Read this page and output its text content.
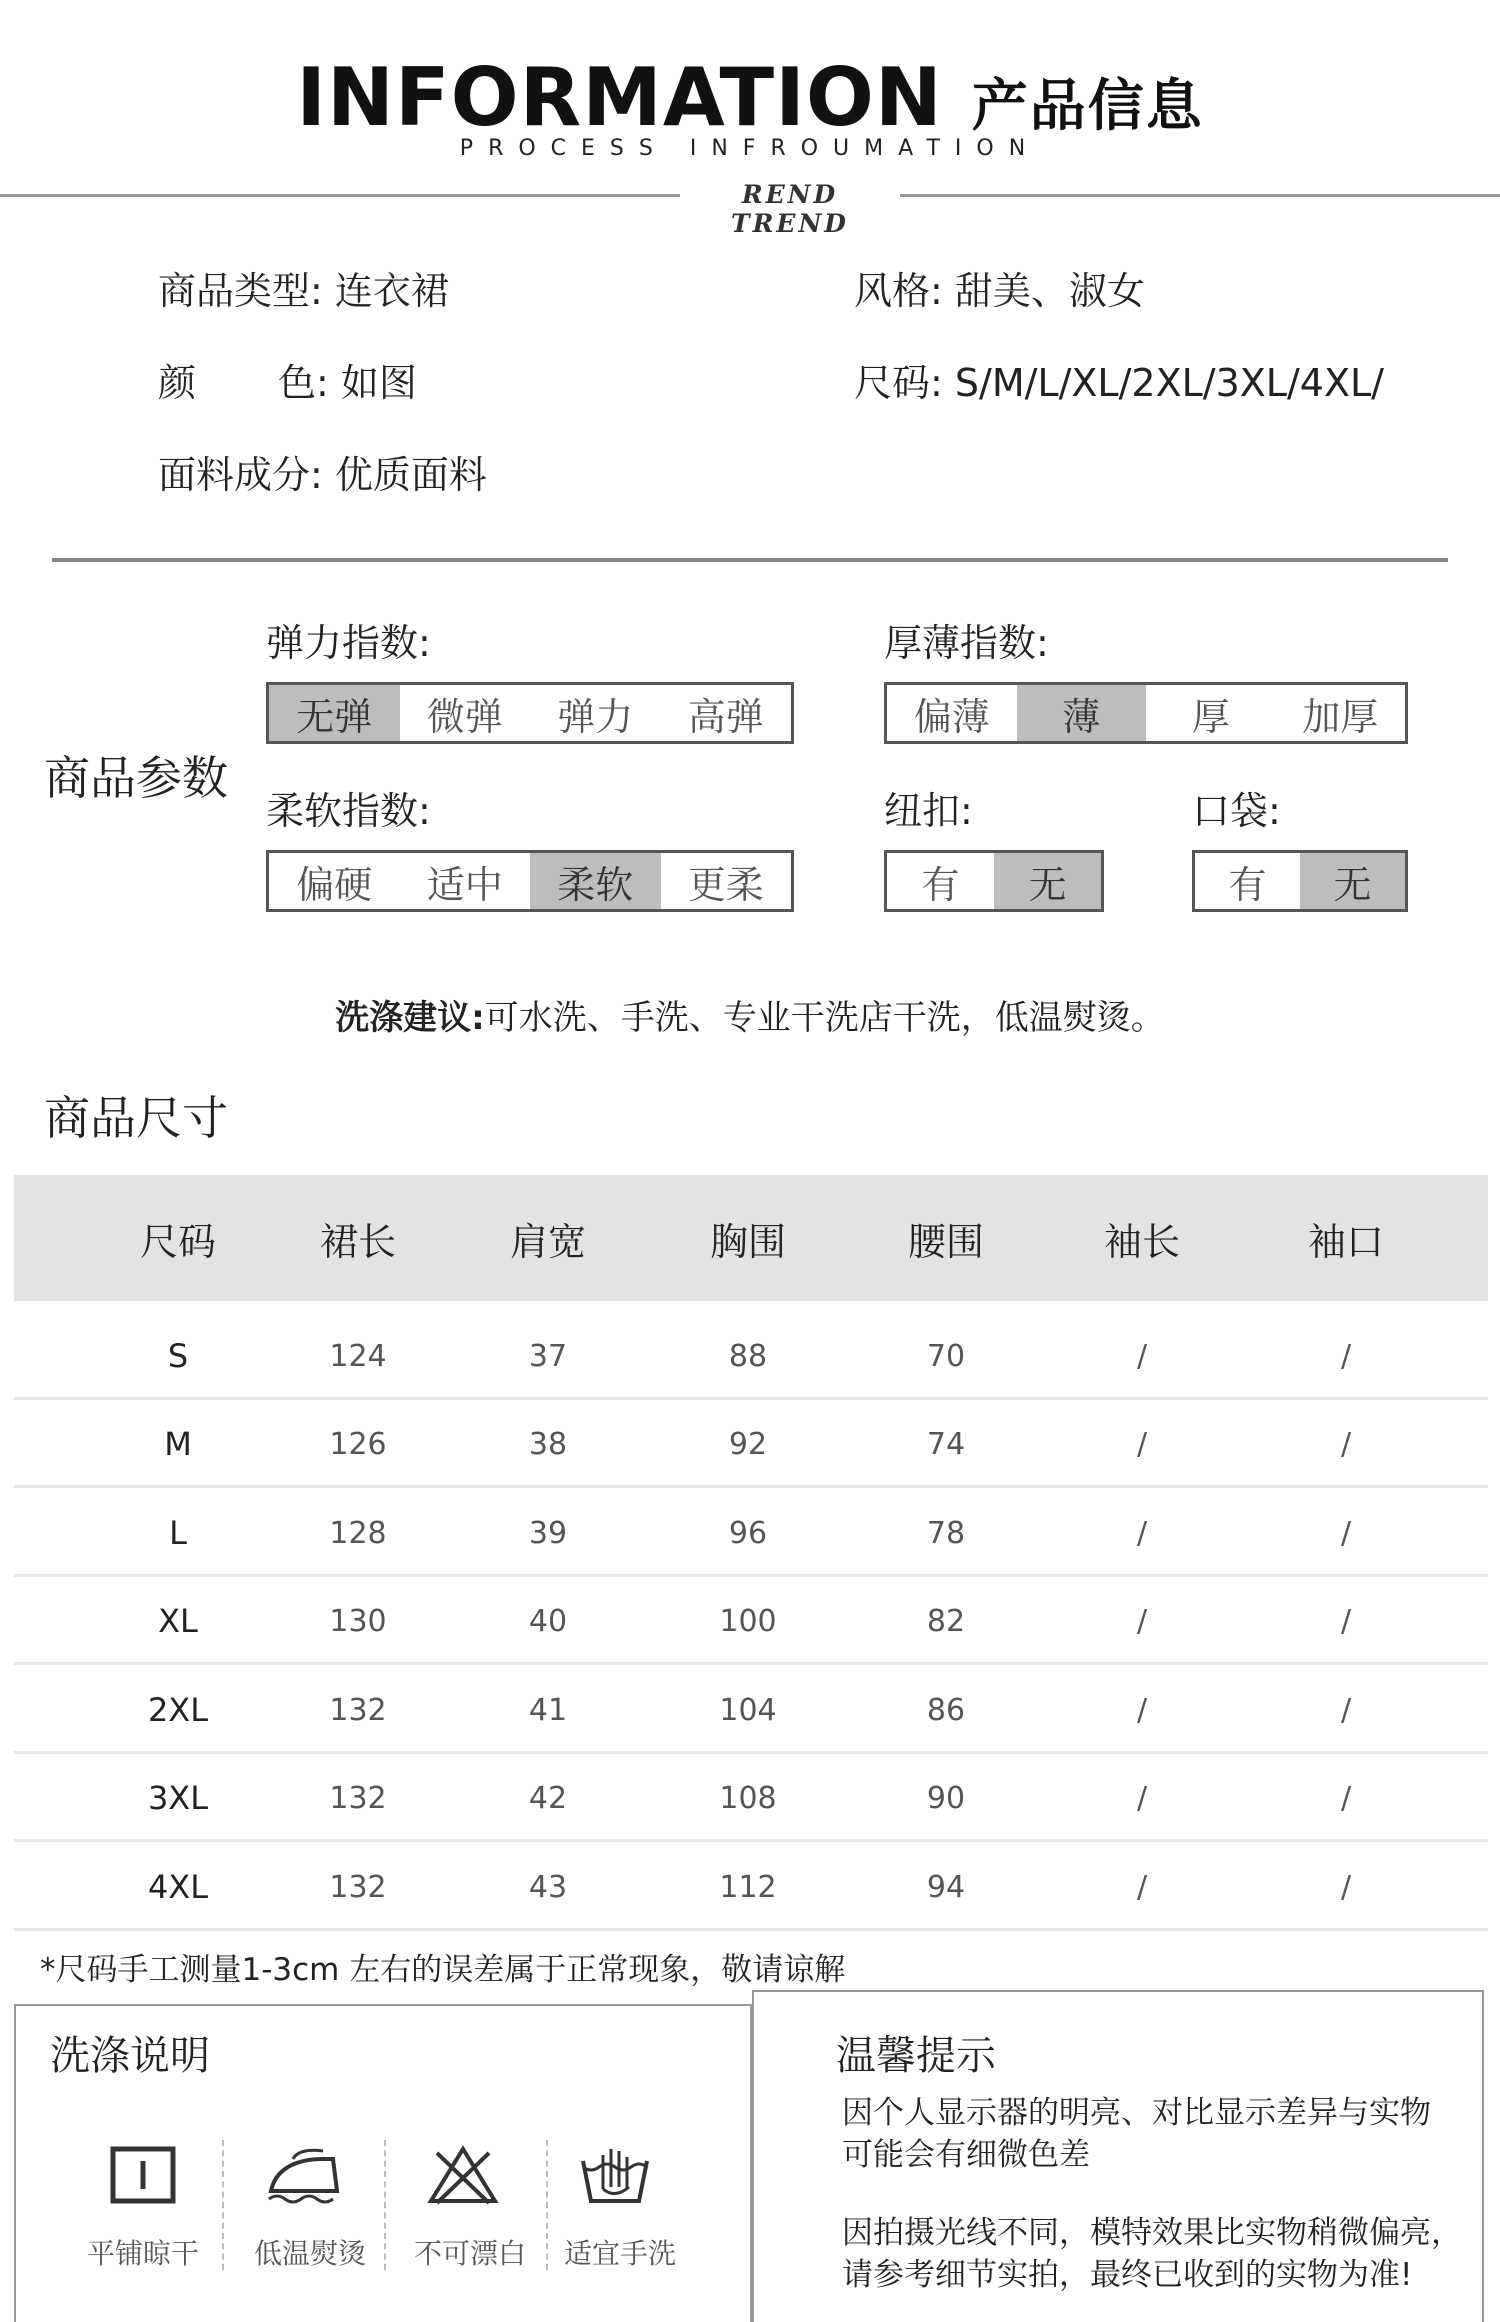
INFORMATION 产品信息
PROCESS INFROUMATION
REND TREND
商品类型: 连衣裙	风格: 甜美、淑女
颜 色: 如图	尺码: S/M/L/XL/2XL/3XL/4XL/
面料成分: 优质面料
商品参数
弹力指数:
无弹	微弹	弹力	高弹
厚薄指数:
偏薄	薄	厚	加厚
柔软指数:
偏硬	适中	柔软	更柔
纽扣:
有	无
口袋:
有	无
洗涤建议:可水洗、手洗、专业干洗店干洗，低温熨烫。
商品尺寸
尺码	裙长	肩宽	胸围	腰围	袖长	袖口
S	124	37	88	70	/	/
M	126	38	92	74	/	/
L	128	39	96	78	/	/
XL	130	40	100	82	/	/
2XL	132	41	104	86	/	/
3XL	132	42	108	90	/	/
4XL	132	43	112	94	/	/
*尺码手工测量1-3cm 左右的误差属于正常现象，敬请谅解
洗涤说明
平铺晾干	低温熨烫	不可漂白	适宜手洗
温馨提示
因个人显示器的明亮、对比显示差异与实物
可能会有细微色差
因拍摄光线不同，模特效果比实物稍微偏亮，
请参考细节实拍，最终已收到的实物为准!
